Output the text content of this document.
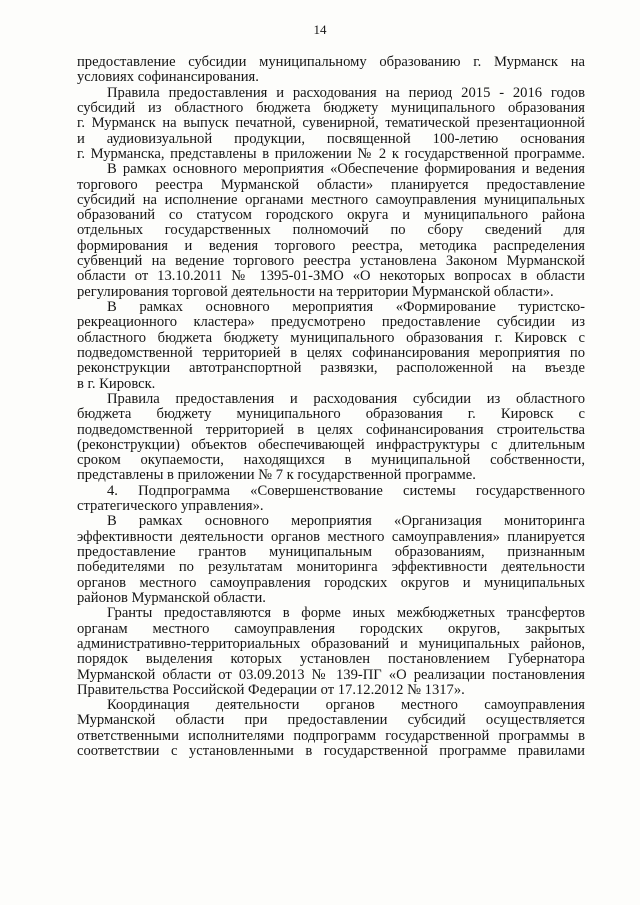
14
предоставление субсидии муниципальному образованию г. Мурманск на
условиях софинансирования.
Правила предоставления и расходования на период 2015 - 2016 годов
субсидий из областного бюджета бюджету муниципального образования
г. Мурманск на выпуск печатной, сувенирной, тематической презентационной
и аудиовизуальной продукции, посвященной 100-летию основания
г. Мурманска, представлены в приложении № 2 к государственной программе.
В рамках основного мероприятия «Обеспечение формирования и ведения
торгового реестра Мурманской области» планируется предоставление
субсидий на исполнение органами местного самоуправления муниципальных
образований со статусом городского округа и муниципального района
отдельных государственных полномочий по сбору сведений для
формирования и ведения торгового реестра, методика распределения
субвенций на ведение торгового реестра установлена Законом Мурманской
области от 13.10.2011 № 1395-01-ЗМО «О некоторых вопросах в области
регулирования торговой деятельности на территории Мурманской области».
В рамках основного мероприятия «Формирование туристско-
рекреационного кластера» предусмотрено предоставление субсидии из
областного бюджета бюджету муниципального образования г. Кировск с
подведомственной территорией в целях софинансирования мероприятия по
реконструкции автотранспортной развязки, расположенной на въезде
в г. Кировск.
Правила предоставления и расходования субсидии из областного
бюджета бюджету муниципального образования г. Кировск с
подведомственной территорией в целях софинансирования строительства
(реконструкции) объектов обеспечивающей инфраструктуры с длительным
сроком окупаемости, находящихся в муниципальной собственности,
представлены в приложении № 7 к государственной программе.
4. Подпрограмма «Совершенствование системы государственного
стратегического управления».
В рамках основного мероприятия «Организация мониторинга
эффективности деятельности органов местного самоуправления» планируется
предоставление грантов муниципальным образованиям, признанным
победителями по результатам мониторинга эффективности деятельности
органов местного самоуправления городских округов и муниципальных
районов Мурманской области.
Гранты предоставляются в форме иных межбюджетных трансфертов
органам местного самоуправления городских округов, закрытых
административно-территориальных образований и муниципальных районов,
порядок выделения которых установлен постановлением Губернатора
Мурманской области от 03.09.2013 № 139-ПГ «О реализации постановления
Правительства Российской Федерации от 17.12.2012 № 1317».
Координация деятельности органов местного самоуправления
Мурманской области при предоставлении субсидий осуществляется
ответственными исполнителями подпрограмм государственной программы в
соответствии с установленными в государственной программе правилами
